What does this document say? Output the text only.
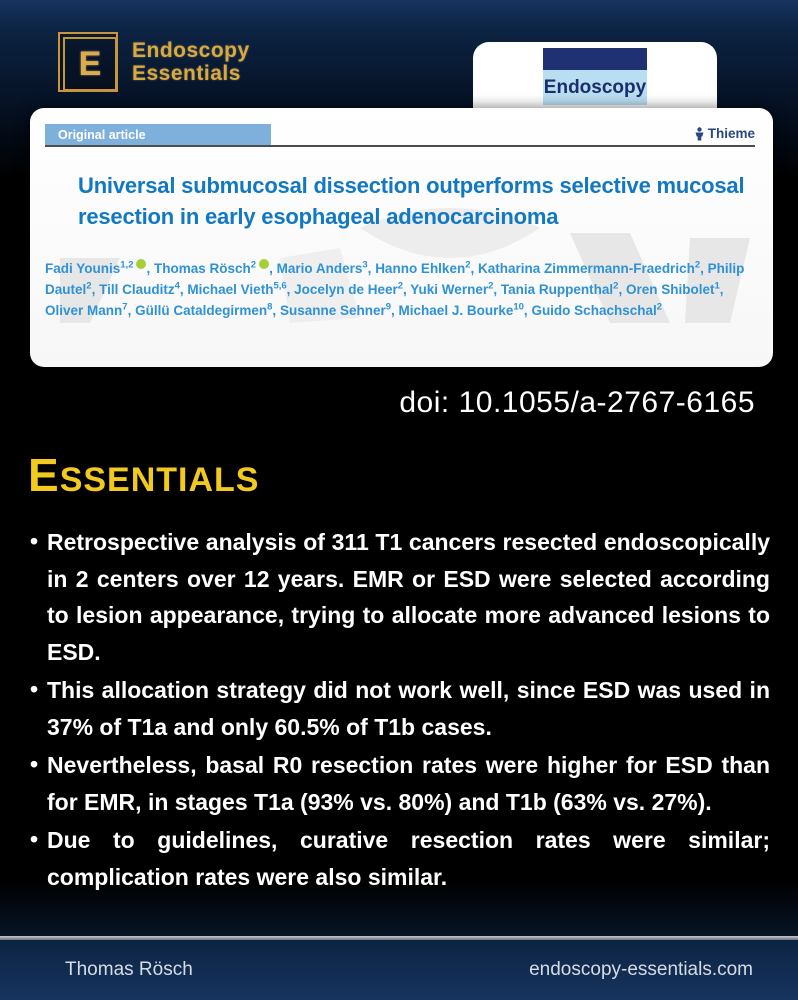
E Endoscopy
Essentials
Endoscopy
Original article	Thieme
Universal submucosal dissection outperforms selective mucosal resection in early esophageal adenocarcinoma
Fadi Younis$^{1,2}$ , Thomas Rösch$^2$ , Mario Anders$^3$, Hanno Ehlken$^2$, Katharina Zimmermann-Fraedrich$^2$, Philip Dautel$^2$, Till Clauditz$^4$, Michael Vieth$^{5,6}$, Jocelyn de Heer$^2$, Yuki Werner$^2$, Tania Ruppenthal$^2$, Oren Shibolet$^1$, Oliver Mann$^7$, Güllü Cataldegirmen$^8$, Susanne Sehner$^9$, Michael J. Bourke$^{10}$, Guido Schachschal$^2$
doi: 10.1055/a-2767-6165
ESSENTIALS
• Retrospective analysis of 311 T1 cancers resected endoscopically in 2 centers over 12 years. EMR or ESD were selected according to lesion appearance, trying to allocate more advanced lesions to ESD.
• This allocation strategy did not work well, since ESD was used in 37% of T1a and only 60.5% of T1b cases.
• Nevertheless, basal R0 resection rates were higher for ESD than for EMR, in stages T1a (93% vs. 80%) and T1b (63% vs. 27%).
• Due to guidelines, curative resection rates were similar; complication rates were also similar.
Thomas Rösch	endoscopy-essentials.com
